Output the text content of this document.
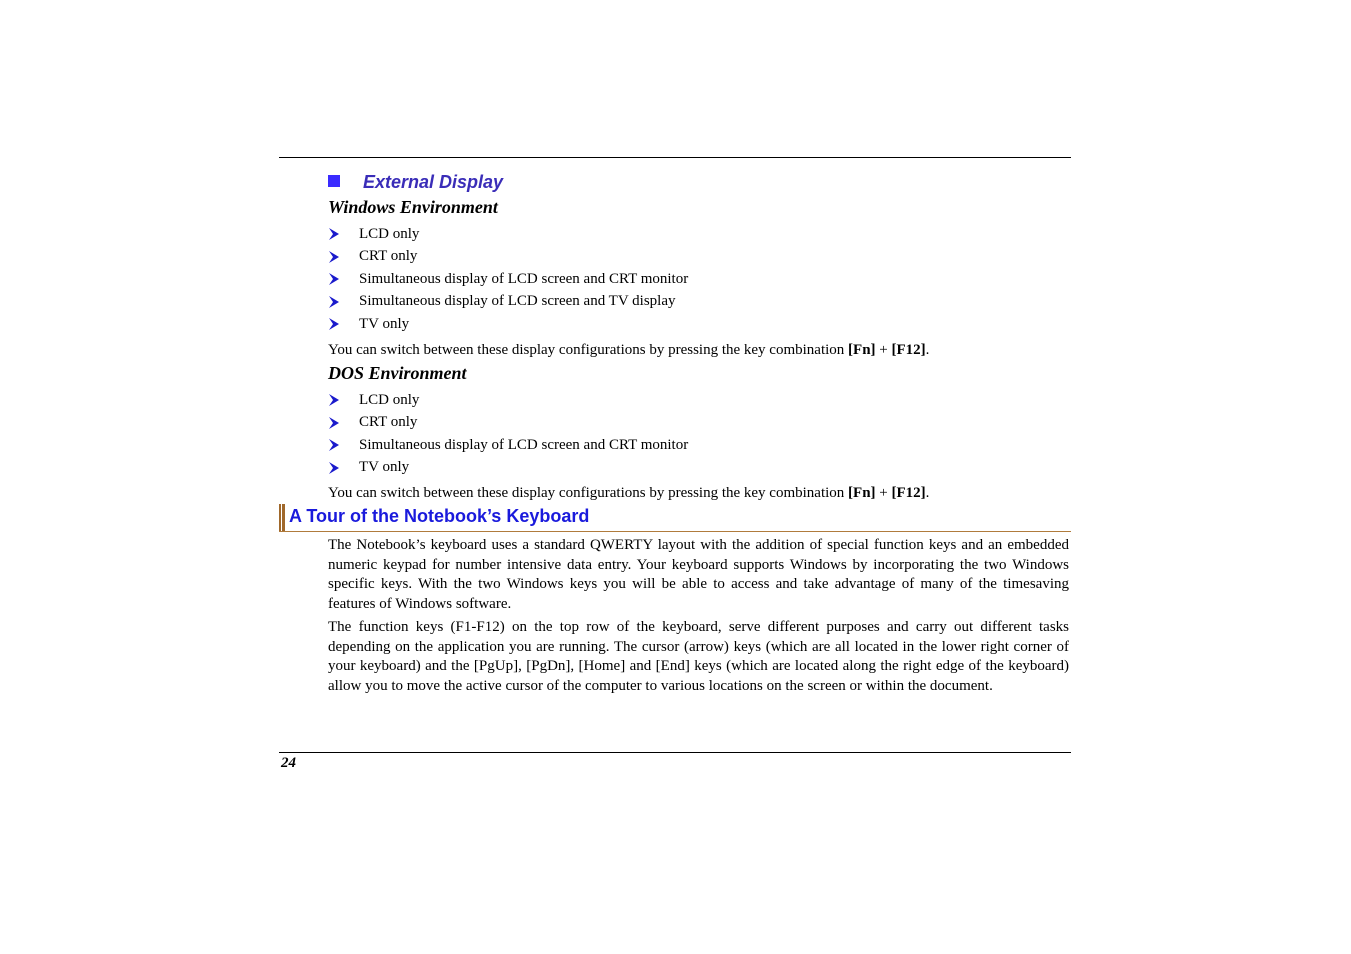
External Display
Windows Environment
LCD only
CRT only
Simultaneous display of LCD screen and CRT monitor
Simultaneous display of LCD screen and TV display
TV only

You can switch between these display configurations by pressing the key combination [Fn] + [F12].

DOS Environment
LCD only
CRT only
Simultaneous display of LCD screen and CRT monitor
TV only

You can switch between these display configurations by pressing the key combination [Fn] + [F12].

A Tour of the Notebook’s Keyboard

The Notebook’s keyboard uses a standard QWERTY layout with the addition of special function keys and an embedded numeric keypad for number intensive data entry. Your keyboard supports Windows by incorporating the two Windows specific keys. With the two Windows keys you will be able to access and take advantage of many of the timesaving features of Windows software.

The function keys (F1-F12) on the top row of the keyboard, serve different purposes and carry out different tasks depending on the application you are running. The cursor (arrow) keys (which are all located in the lower right corner of your keyboard) and the [PgUp], [PgDn], [Home] and [End] keys (which are located along the right edge of the keyboard) allow you to move the active cursor of the computer to various locations on the screen or within the document.

24
